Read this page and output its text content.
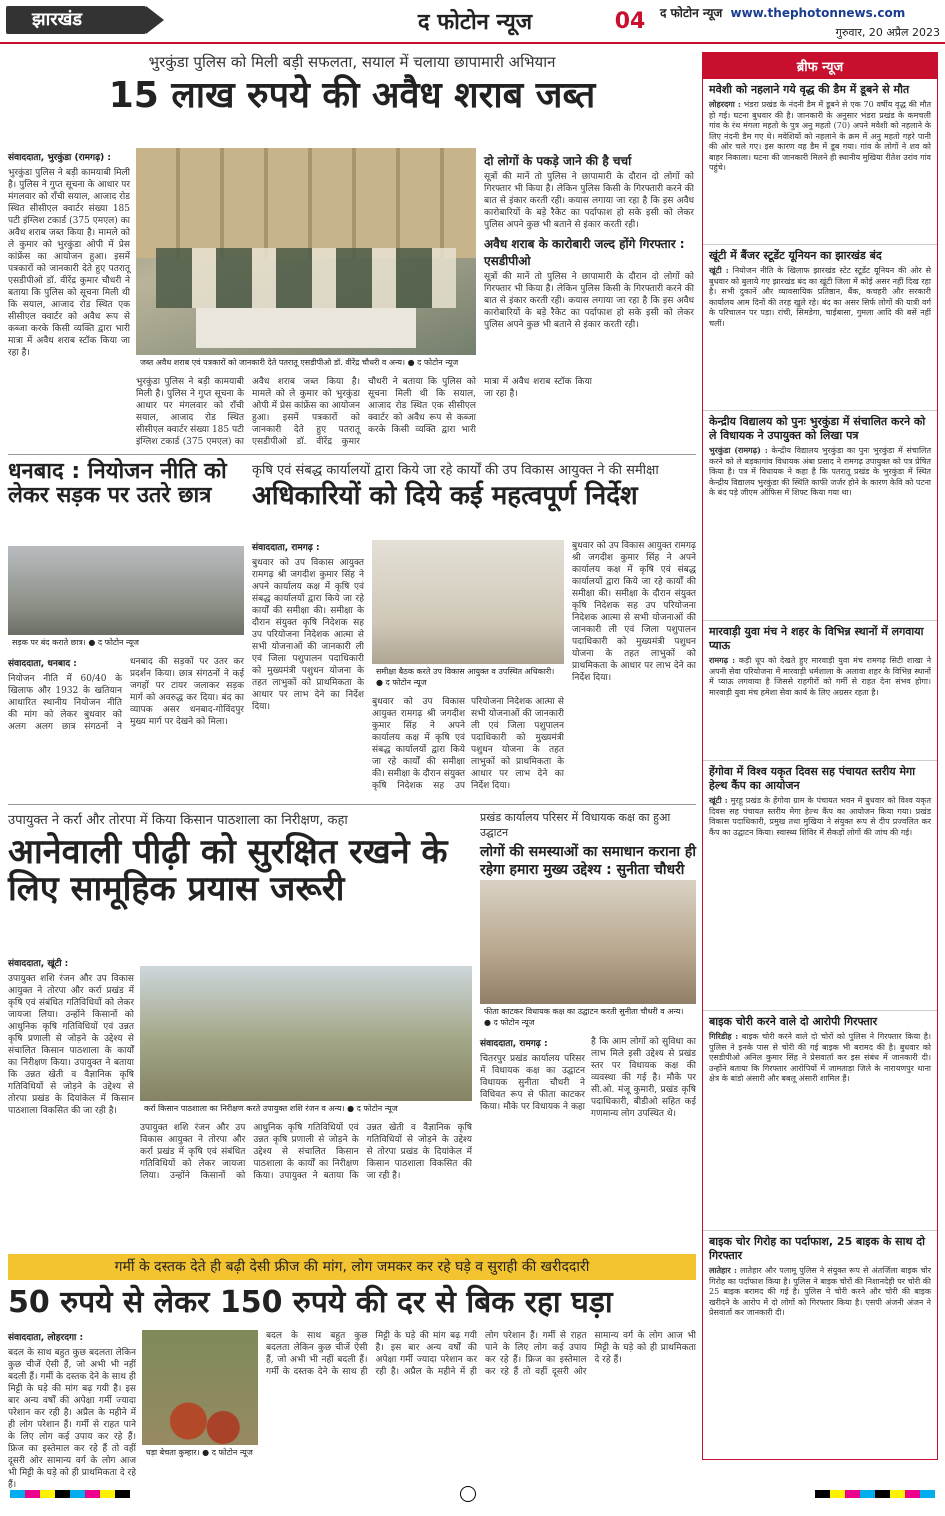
झारखंड	द फोटोन न्यूज	04	द फोटोन न्यूज www.thephotonnews.com
गुरुवार, 20 अप्रैल 2023
भुरकुंडा पुलिस को मिली बड़ी सफलता, सयाल में चलाया छापामारी अभियान
15 लाख रुपये की अवैध शराब जब्त
संवाददाता, भुरकुंडा (रामगढ़) :
भुरकुंडा पुलिस ने बड़ी कामयाबी मिली है। पुलिस ने गुप्त सूचना के आधार पर मंगलवार को राँची सयाल, आजाद रोड स्थित सीसीएल क्वार्टर संख्या 185 पटी इंग्लिश टकार्ड (375 एमएल) का अवैध शराब जब्त किया है। मामले को ले कुमार को भुरकुंडा ओपी में प्रेस कांफ्रेंस का आयोजन हुआ। इसमें पत्रकारों को जानकारी देते हुए पतरातू एसडीपीओ डॉ. वीरेंद्र कुमार चौधरी ने बताया कि पुलिस को सूचना मिली थी कि सयाल, आजाद रोड स्थित एक सीसीएल क्वार्टर को अवैध रूप से कब्जा करके किसी व्यक्ति द्वारा भारी मात्रा में अवैध शराब स्टॉक किया जा रहा है।
जब्त अवैध शराब एवं पत्रकारों को जानकारी देते पतरातू एसडीपीओ डॉ. वीरेंद्र चौधरी व अन्य। ● द फोटोन न्यूज
भुरकुंडा पुलिस ने बड़ी कामयाबी मिली है। पुलिस ने गुप्त सूचना के आधार पर मंगलवार को राँची सयाल, आजाद रोड स्थित सीसीएल क्वार्टर संख्या 185 पटी इंग्लिश टकार्ड (375 एमएल) का अवैध शराब जब्त किया है। मामले को ले कुमार को भुरकुंडा ओपी में प्रेस कांफ्रेंस का आयोजन हुआ। इसमें पत्रकारों को जानकारी देते हुए पतरातू एसडीपीओ डॉ. वीरेंद्र कुमार चौधरी ने बताया कि पुलिस को सूचना मिली थी कि सयाल, आजाद रोड स्थित एक सीसीएल क्वार्टर को अवैध रूप से कब्जा करके किसी व्यक्ति द्वारा भारी मात्रा में अवैध शराब स्टॉक किया जा रहा है।
दो लोगों के पकड़े जाने की है चर्चा
सूत्रों की मानें तो पुलिस ने छापामारी के दौरान दो लोगों को गिरफ्तार भी किया है। लेकिन पुलिस किसी के गिरफ्तारी करने की बात से इंकार करती रही। कयास लगाया जा रहा है कि इस अवैध कारोबारियों के बड़े रैकेट का पर्दाफाश हो सके इसी को लेकर पुलिस अपने कुछ भी बताने से इंकार करती रही।
अवैध शराब के कारोबारी जल्द होंगे गिरफ्तार : एसडीपीओ
सूत्रों की मानें तो पुलिस ने छापामारी के दौरान दो लोगों को गिरफ्तार भी किया है। लेकिन पुलिस किसी के गिरफ्तारी करने की बात से इंकार करती रही। कयास लगाया जा रहा है कि इस अवैध कारोबारियों के बड़े रैकेट का पर्दाफाश हो सके इसी को लेकर पुलिस अपने कुछ भी बताने से इंकार करती रही।
धनबाद : नियोजन नीति को लेकर सड़क पर उतरे छात्र
सड़क पर बंद कराते छात्र। ● द फोटोन न्यूज
संवाददाता, धनबाद :
नियोजन नीति में 60/40 के खिलाफ और 1932 के खतियान आधारित स्थानीय नियोजन नीति की मांग को लेकर बुधवार को अलग अलग छात्र संगठनों ने धनबाद की सड़कों पर उतर कर प्रदर्शन किया। छात्र संगठनों ने कई जगहों पर टायर जलाकर सड़क मार्ग को अवरुद्ध कर दिया। बंद का व्यापक असर धनबाद-गोविंदपुर मुख्य मार्ग पर देखने को मिला।
कृषि एवं संबद्ध कार्यालयों द्वारा किये जा रहे कार्यों की उप विकास आयुक्त ने की समीक्षा
अधिकारियों को दिये कई महत्वपूर्ण निर्देश
संवाददाता, रामगढ़ :
बुधवार को उप विकास आयुक्त रामगढ़ श्री जगदीश कुमार सिंह ने अपने कार्यालय कक्ष में कृषि एवं संबद्ध कार्यालयों द्वारा किये जा रहे कार्यों की समीक्षा की। समीक्षा के दौरान संयुक्त कृषि निदेशक सह उप परियोजना निदेशक आत्मा से सभी योजनाओं की जानकारी ली एवं जिला पशुपालन पदाधिकारी को मुख्यमंत्री पशुधन योजना के तहत लाभुकों को प्राथमिकता के आधार पर लाभ देने का निर्देश दिया।
समीक्षा बैठक करते उप विकास आयुक्त व उपस्थित अधिकारी। ● द फोटोन न्यूज
बुधवार को उप विकास आयुक्त रामगढ़ श्री जगदीश कुमार सिंह ने अपने कार्यालय कक्ष में कृषि एवं संबद्ध कार्यालयों द्वारा किये जा रहे कार्यों की समीक्षा की। समीक्षा के दौरान संयुक्त कृषि निदेशक सह उप परियोजना निदेशक आत्मा से सभी योजनाओं की जानकारी ली एवं जिला पशुपालन पदाधिकारी को मुख्यमंत्री पशुधन योजना के तहत लाभुकों को प्राथमिकता के आधार पर लाभ देने का निर्देश दिया।
बुधवार को उप विकास आयुक्त रामगढ़ श्री जगदीश कुमार सिंह ने अपने कार्यालय कक्ष में कृषि एवं संबद्ध कार्यालयों द्वारा किये जा रहे कार्यों की समीक्षा की। समीक्षा के दौरान संयुक्त कृषि निदेशक सह उप परियोजना निदेशक आत्मा से सभी योजनाओं की जानकारी ली एवं जिला पशुपालन पदाधिकारी को मुख्यमंत्री पशुधन योजना के तहत लाभुकों को प्राथमिकता के आधार पर लाभ देने का निर्देश दिया।
उपायुक्त ने कर्रा और तोरपा में किया किसान पाठशाला का निरीक्षण, कहा
आनेवाली पीढ़ी को सुरक्षित रखने के लिए सामूहिक प्रयास जरूरी
संवाददाता, खूंटी :
उपायुक्त शशि रंजन और उप विकास आयुक्त ने तोरपा और कर्रा प्रखंड में कृषि एवं संबंधित गतिविधियों को लेकर जायजा लिया। उन्होंने किसानों को आधुनिक कृषि गतिविधियों एवं उन्नत कृषि प्रणाली से जोड़ने के उद्देश्य से संचालित किसान पाठशाला के कार्यों का निरीक्षण किया। उपायुक्त ने बताया कि उन्नत खेती व वैज्ञानिक कृषि गतिविधियों से जोड़ने के उद्देश्य से तोरपा प्रखंड के दियांकेल में किसान पाठशाला विकसित की जा रही है।	कर्रा किसान पाठशाला का निरीक्षण करते उपायुक्त शशि रंजन व अन्य। ● द फोटोन न्यूज
उपायुक्त शशि रंजन और उप विकास आयुक्त ने तोरपा और कर्रा प्रखंड में कृषि एवं संबंधित गतिविधियों को लेकर जायजा लिया। उन्होंने किसानों को आधुनिक कृषि गतिविधियों एवं उन्नत कृषि प्रणाली से जोड़ने के उद्देश्य से संचालित किसान पाठशाला के कार्यों का निरीक्षण किया। उपायुक्त ने बताया कि उन्नत खेती व वैज्ञानिक कृषि गतिविधियों से जोड़ने के उद्देश्य से तोरपा प्रखंड के दियांकेल में किसान पाठशाला विकसित की जा रही है।
प्रखंड कार्यालय परिसर में विधायक कक्ष का हुआ उद्घाटन
लोगों की समस्याओं का समाधान कराना ही रहेगा हमारा मुख्य उद्देश्य : सुनीता चौधरी
फीता काटकर विधायक कक्ष का उद्घाटन करती सुनीता चौधरी व अन्य। ● द फोटोन न्यूज
संवाददाता, रामगढ़ :
चितरपुर प्रखंड कार्यालय परिसर में विधायक कक्ष का उद्घाटन विधायक सुनीता चौधरी ने विधिवत रूप से फीता काटकर किया। मौके पर विधायक ने कहा है कि आम लोगों को सुविधा का लाभ मिले इसी उद्देश्य से प्रखंड स्तर पर विधायक कक्ष की व्यवस्था की गई है। मौके पर सी.ओ. मंजू कुमारी, प्रखंड कृषि पदाधिकारी, बीडीओ सहित कई गणमान्य लोग उपस्थित थे।
गर्मी के दस्तक देते ही बढ़ी देसी फ्रीज की मांग, लोग जमकर कर रहे घड़े व सुराही की खरीददारी
50 रुपये से लेकर 150 रुपये की दर से बिक रहा घड़ा
संवाददाता, लोहरदगा :
बदल के साथ बहुत कुछ बदलता लेकिन कुछ चीजें ऐसी हैं, जो अभी भी नहीं बदली हैं। गर्मी के दस्तक देने के साथ ही मिट्टी के घड़े की मांग बढ़ गयी है। इस बार अन्य वर्षों की अपेक्षा गर्मी ज्यादा परेशान कर रही है। अप्रैल के महीने में ही लोग परेशान हैं। गर्मी से राहत पाने के लिए लोग कई उपाय कर रहे हैं। फ्रिज का इस्तेमाल कर रहे हैं तो वहीं दूसरी ओर सामान्य वर्ग के लोग आज भी मिट्टी के घड़े को ही प्राथमिकता दे रहे हैं।
घड़ा बेचता कुम्हार। ● द फोटोन न्यूज
बदल के साथ बहुत कुछ बदलता लेकिन कुछ चीजें ऐसी हैं, जो अभी भी नहीं बदली हैं। गर्मी के दस्तक देने के साथ ही मिट्टी के घड़े की मांग बढ़ गयी है। इस बार अन्य वर्षों की अपेक्षा गर्मी ज्यादा परेशान कर रही है। अप्रैल के महीने में ही लोग परेशान हैं। गर्मी से राहत पाने के लिए लोग कई उपाय कर रहे हैं। फ्रिज का इस्तेमाल कर रहे हैं तो वहीं दूसरी ओर सामान्य वर्ग के लोग आज भी मिट्टी के घड़े को ही प्राथमिकता दे रहे हैं।
ब्रीफ न्यूज
मवेशी को नहलाने गये वृद्ध की डैम में डूबने से मौत
लोहरदगा : भंडरा प्रखंड के नंदनी डैम में डूबने से एक 70 वर्षीय वृद्ध की मौत हो गई। घटना बुधवार की है। जानकारी के अनुसार भंडरा प्रखंड के कमचली गांव के रंथ मंगला महतो के पुत्र अनु महतो (70) अपने मवेशी को नहलाने के लिए नंदनी डैम गए थे। मवेशियों को नहलाने के क्रम में अनु महतो गहरे पानी की ओर चले गए। इस कारण वह डैम में डूब गया। गांव के लोगों ने शव को बाहर निकाला। घटना की जानकारी मिलने ही स्थानीय मुखिया रीतेश उरांव गांव पहुंचे।
खूंटी में बैंजर स्टूडेंट यूनियन का झारखंड बंद
खूंटी : नियोजन नीति के खिलाफ झारखंड स्टेट स्टूडेंट यूनियन की ओर से बुधवार को बुलाये गए झारखंड बंद का खूंटी जिला में कोई असर नहीं दिख रहा है। सभी दुकानें और व्यावसायिक प्रतिष्ठान, बैंक, कचहरी और सरकारी कार्यालय आम दिनों की तरह खुले रहे। बंद का असर सिर्फ लोगों की यात्री वर्ग के परिचालन पर पड़ा। रांची, सिमडेगा, चाईबासा, गुमला आदि की बसें नहीं चलीं।
केन्द्रीय विद्यालय को पुनः भुरकुंडा में संचालित करने को ले विधायक ने उपायुक्त को लिखा पत्र
भुरकुंडा (रामगढ़) : केन्द्रीय विद्यालय भुरकुंडा का पुनः भुरकुंडा में संचालित करने को ले बड़कागांव विधायक अंबा प्रसाद ने रामगढ़ उपायुक्त को पत्र प्रेषित किया है। पत्र में विधायक ने कहा है कि पतरातू प्रखंड के भुरकुंडा में स्थित केन्द्रीय विद्यालय भुरकुंडा की स्थिति काफी जर्जर होने के कारण केवि को पटना के बंद पड़े जीएम ऑफिस में शिफ्ट किया गया था।
मारवाड़ी युवा मंच ने शहर के विभिन्न स्थानों में लगवाया प्याऊ
रामगढ़ : कड़ी धूप को देखते हुए मारवाड़ी युवा मंच रामगढ़ सिटी शाखा ने अपनी सेवा परियोजना में मारवाड़ी धर्मशाला के अलावा शहर के विभिन्न स्थानों में प्याऊ लगवाया है जिससे राहगीरों को गर्मी से राहत देना संभव होगा। मारवाड़ी युवा मंच हमेशा सेवा कार्य के लिए अग्रसर रहता है।
हेंगोवा में विश्व यकृत दिवस सह पंचायत स्तरीय मेगा हेल्थ कैंप का आयोजन
खूंटी : मुरहू प्रखंड के हेंगोवा ग्राम के पंचायत भवन में बुधवार को विश्व यकृत दिवस सह पंचायत स्तरीय मेगा हेल्थ कैंप का आयोजन किया गया। प्रखंड विकास पदाधिकारी, प्रमुख तथा मुखिया ने संयुक्त रूप से दीप प्रज्वलित कर कैंप का उद्घाटन किया। स्वास्थ्य शिविर में सैकड़ों लोगों की जांच की गई।
बाइक चोरी करने वाले दो आरोपी गिरफ्तार
गिरिडीह : बाइक चोरी करने वाले दो चोरों को पुलिस ने गिरफ्तार किया है। पुलिस ने इनके पास से चोरी की गई बाइक भी बरामद की है। बुधवार को एसडीपीओ अनिल कुमार सिंह ने प्रेसवार्ता कर इस संबंध में जानकारी दी। उन्होंने बताया कि गिरफ्तार आरोपियों में जामताड़ा जिले के नारायणपुर थाना क्षेत्र के बांडो अंसारी और बबलू अंसारी शामिल हैं।
बाइक चोर गिरोह का पर्दाफाश, 25 बाइक के साथ दो गिरफ्तार
लातेहार : लातेहार और पलामू पुलिस ने संयुक्त रूप से अंतर्जिला बाइक चोर गिरोह का पर्दाफाश किया है। पुलिस ने बाइक चोरों की निशानदेही पर चोरी की 25 बाइक बरामद की गई है। पुलिस ने चोरी करने और चोरी की बाइक खरीदने के आरोप में दो लोगों को गिरफ्तार किया है। एसपी अंजनी अंजन ने प्रेसवार्ता कर जानकारी दी।
